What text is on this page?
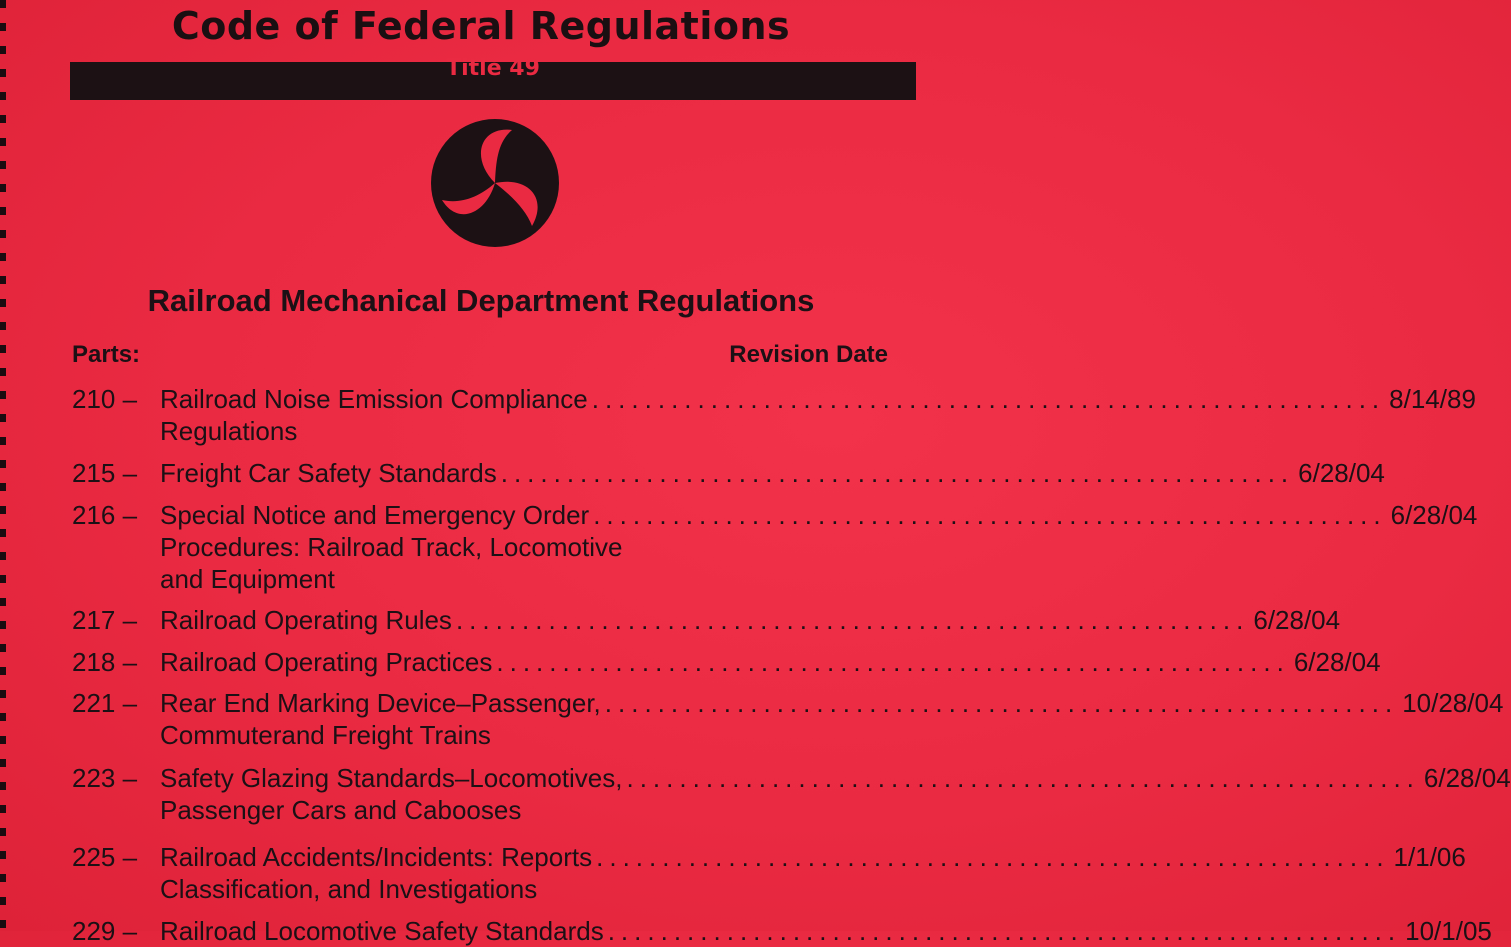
Code of Federal Regulations
Title 49
Railroad Mechanical Department Regulations
Parts:	Revision Date
210 – Railroad Noise Emission Compliance ............................................................ 8/14/89
Regulations
215 – Freight Car Safety Standards ............................................................ 6/28/04
216 – Special Notice and Emergency Order ............................................................ 6/28/04
Procedures: Railroad Track, Locomotive
and Equipment
217 – Railroad Operating Rules ............................................................ 6/28/04
218 – Railroad Operating Practices ............................................................ 6/28/04
221 – Rear End Marking Device–Passenger, ............................................................ 10/28/04
Commuterand Freight Trains
223 – Safety Glazing Standards–Locomotives, ............................................................ 6/28/04
Passenger Cars and Cabooses
225 – Railroad Accidents/Incidents: Reports ............................................................ 1/1/06
Classification, and Investigations
229 – Railroad Locomotive Safety Standards ............................................................ 10/1/05
